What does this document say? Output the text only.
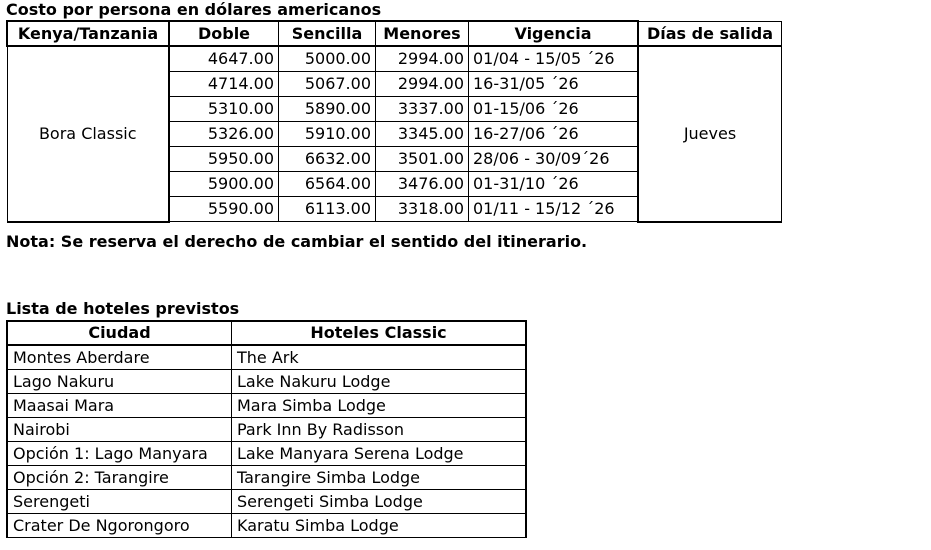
Costo por persona en dólares americanos
Kenya/Tanzania	Doble	Sencilla	Menores	Vigencia	Días de salida
Bora Classic	4647.00	5000.00	2994.00	01/04 - 15/05 ´26	Jueves
	4714.00	5067.00	2994.00	16-31/05 ´26	
	5310.00	5890.00	3337.00	01-15/06 ´26	
	5326.00	5910.00	3345.00	16-27/06 ´26	
	5950.00	6632.00	3501.00	28/06 - 30/09´26	
	5900.00	6564.00	3476.00	01-31/10 ´26	
	5590.00	6113.00	3318.00	01/11 - 15/12 ´26	
Nota: Se reserva el derecho de cambiar el sentido del itinerario.
Lista de hoteles previstos
Ciudad	Hoteles Classic
Montes Aberdare	The Ark
Lago Nakuru	Lake Nakuru Lodge
Maasai Mara	Mara Simba Lodge
Nairobi	Park Inn By Radisson
Opción 1: Lago Manyara	Lake Manyara Serena Lodge
Opción 2: Tarangire	Tarangire Simba Lodge
Serengeti	Serengeti Simba Lodge
Crater De Ngorongoro	Karatu Simba Lodge
